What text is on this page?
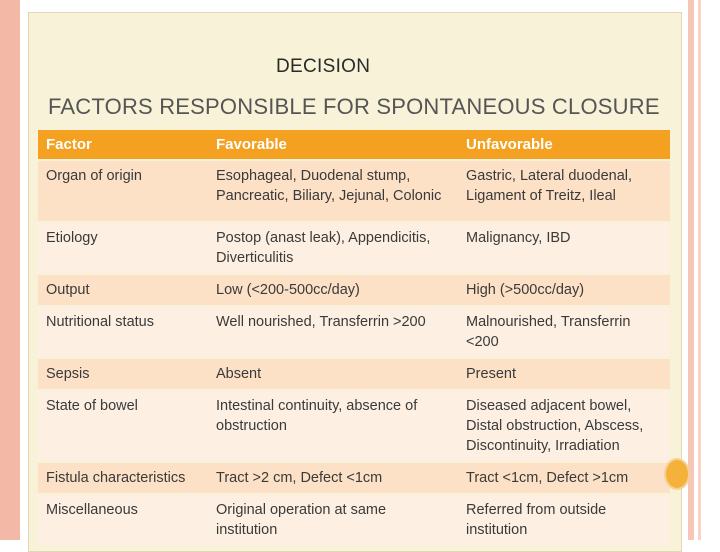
DECISION
FACTORS RESPONSIBLE FOR SPONTANEOUS CLOSURE
Factor	Favorable	Unfavorable
Organ of origin	Esophageal, Duodenal stump, Pancreatic, Biliary, Jejunal, Colonic	Gastric, Lateral duodenal, Ligament of Treitz, Ileal
Etiology	Postop (anast leak), Appendicitis, Diverticulitis	Malignancy, IBD
Output	Low (<200-500cc/day)	High (>500cc/day)
Nutritional status	Well nourished, Transferrin >200	Malnourished, Transferrin <200
Sepsis	Absent	Present
State of bowel	Intestinal continuity, absence of obstruction	Diseased adjacent bowel, Distal obstruction, Abscess, Discontinuity, Irradiation
Fistula characteristics	Tract >2 cm, Defect <1cm	Tract <1cm, Defect >1cm
Miscellaneous	Original operation at same institution	Referred from outside institution
